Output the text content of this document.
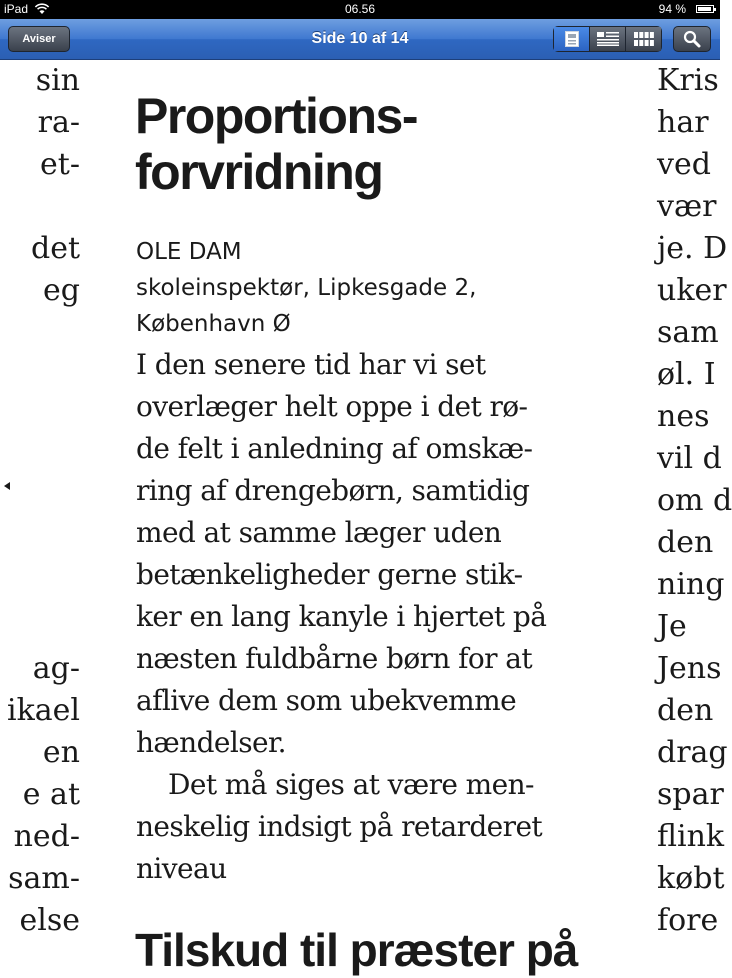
iPad	06.56	94 %
Aviser	Side 10 af 14
sin
ra-
et-
det
eg
ag-
ikael
en
e at
ned-
sam-
else
Proportions-
forvridning
OLE DAM
skoleinspektør, Lipkesgade 2,
København Ø
I den senere tid har vi set
overlæger helt oppe i det rø-
de felt i anledning af omskæ-
ring af drengebørn, samtidig
med at samme læger uden
betænkeligheder gerne stik-
ker en lang kanyle i hjertet på
næsten fuldbårne børn for at
aflive dem som ubekvemme
hændelser.
Det må siges at være men-
neskelig indsigt på retarderet
niveau
Tilskud til præster på
Kris
har
ved
vær
je. D
uker
sam
øl. I
nes
vil d
om d
den
ning
Je
Jens
den
drag
spar
flink
købt
fore
